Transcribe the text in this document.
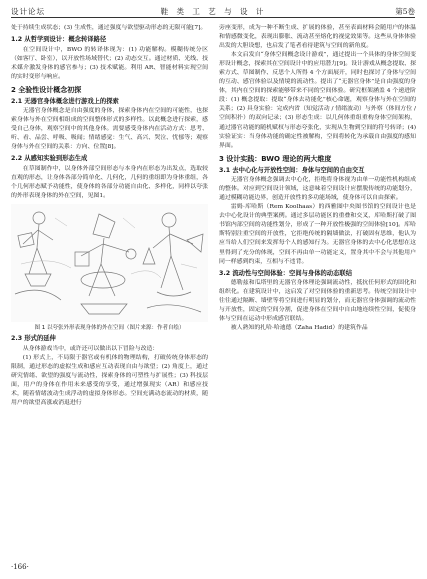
设计论坛	鞋 类 工 艺 与 设 计	第5卷

处于持续生成状态；(3) 生成性，通过强度与欲望驱动形态的无限可能[7]。

1.2 从哲学到设计：概念转译路径

在空间设计中，BWO 的转译体现为：(1) 功能解构。模糊传统分区（如客厅、卧室），以开放性场域替代；(2) 动态交互。通过材质、光线、技术媒介激发身体的感官参与；(3) 技术赋能。利用 AR、智能材料实现空间的实时变形与响应。

2 全验性设计概念初探
2.1 无器官身体概念进行游戏上的探索

无器官身体概念是自由强度的身体，探索身体内在空间的可能性，也探索身体与外在空间相组成的空间整体形式的多样性。以此概念进行探索，感受自己身体，观察空间中的其他身体。需要感受身体内在活动方式：思考、听、看、品尝、呼吸、吸闻；情绪感觉：生气、高兴、哭泣、忧郁等；观察身体与外在空间的关系：方向、位置[8]。

2.2 从感知实验到形态生成

在草图制作中，以身体外部空间形态与本身内在形态为出发点，选取较直观的形态，让身体各部分简单化、几何化，几何的重组即为身体重组，各个几何形态赋予功能性，使身体的各部分功能自由化、多样化，同样以夸张的外形表现身体的外在空间，见图1。

图 1 以夸张外形表现身体的外在空间（图片来源：作者自绘）
2.3 形式的延伸

从身体游戏当中，或许还可以做出以下冒险与改造：

(1) 形式上，不局限于器官或有机体的物理结构，打破传统身体形态的限制，通过形态的虚拟生成和感应互动表现自由与欲望；(2) 角度上，通过研究情绪、欲望的强度与流动性，探索身体的可塑性与扩展性；(3) 科技层面，用户的身体在作用未来感受的享受，通过增强现实（AR）和感应技术，随着情绪波动生成浮动的虚拟身体形态。空间充满动态流动的材质，随用户的欲望高涨或消退进行

旁座变形，成为一种不断生成、扩展的体验，甚至表面材料会随用户的体温和情感微变化，表现出膨胀、流动甚至熔化的视觉效果等。这些从身体体验出发的大胆设想，也启发了笔者看待建筑与空间的新角度。

本文启发自“身体空间概念设计游戏”，通过提出一个具体的身体空间变形设计概念，探索其在空间设计中的应用潜力[9]。设计游戏从概念提取、探索方式、草图制作、反思个人所得 4 个方面展开，同时也探讨了身体与空间的互动、感官体验以及情境的流动性。提出了“无器官身体”是自由强度的身体，其内在空间的探索能够带来不同的空间体验。研究框架涵盖 4 个递进阶段：(1) 概念提取：提取“身体去功能化”核心命题，观察身体与外在空间的关系；(2) 具身实验：完成内省（知觉活动 / 情绪波动）与外察（体间方位 / 空间积扑）的双向记录；(3) 形态生成：以几何体重组重构身体空间架构，通过器官功能的随机赋权与形态夸张化，实现从生物到空间的符号转译；(4) 实验证实：当身体功能的确定性被解构，空间将转化为承载自由强度的感知界面。

3 设计实践：BWO 理论的两大维度
3.1 去中心化与开放性空间：身体与空间的自由交互

无器官身体概念强调去中心化，拒绝将身体视为由单一功能性机构组成的整体。对应到空间设计领域，这意味着空间设计应摆脱传统的功能划分，通过模糊功能边界，创造开放性的多功能场域，使身体可以自由探索。

雷姆·库哈斯（Rem Koolhaas）的西雅图中央图书馆的空间设计也是去中心化设计的典型案例。通过多层功能区的重叠和交叉，库哈斯打破了图书馆内部空间的功能性划分，形成了一种开放性极强的空间体验[10]。库哈斯特别注重空间的开放性，它拒绝传统的隔墙做法，打破固有思维，他认为应当给人们空间来发挥每个人的感知行为。无器官身体的去中心化思想在这里得到了充分的体现，空间不再由单一功能定义，置身其中不会与其他用户同一样感到约束，互相与不违背。

3.2 流动性与空间体验：空间与身体的动态联结

德勒兹和瓜塔里的无器官身体理论强调流动性，抵抗任何形式的固化和组织化。在建筑设计中，这启发了对空间体验的重新思考。传统空间设计中往往通过隔断、墙壁等将空间进行明显的划分，而无器官身体强调的流动性与开放性，固定的空间分割，促进身体在空间中自由地连续性空间，促使身体与空间在运动中形成感官联结。

被人熟知的扎哈·哈迪德（Zaha Hadid）的建筑作品

·166·
